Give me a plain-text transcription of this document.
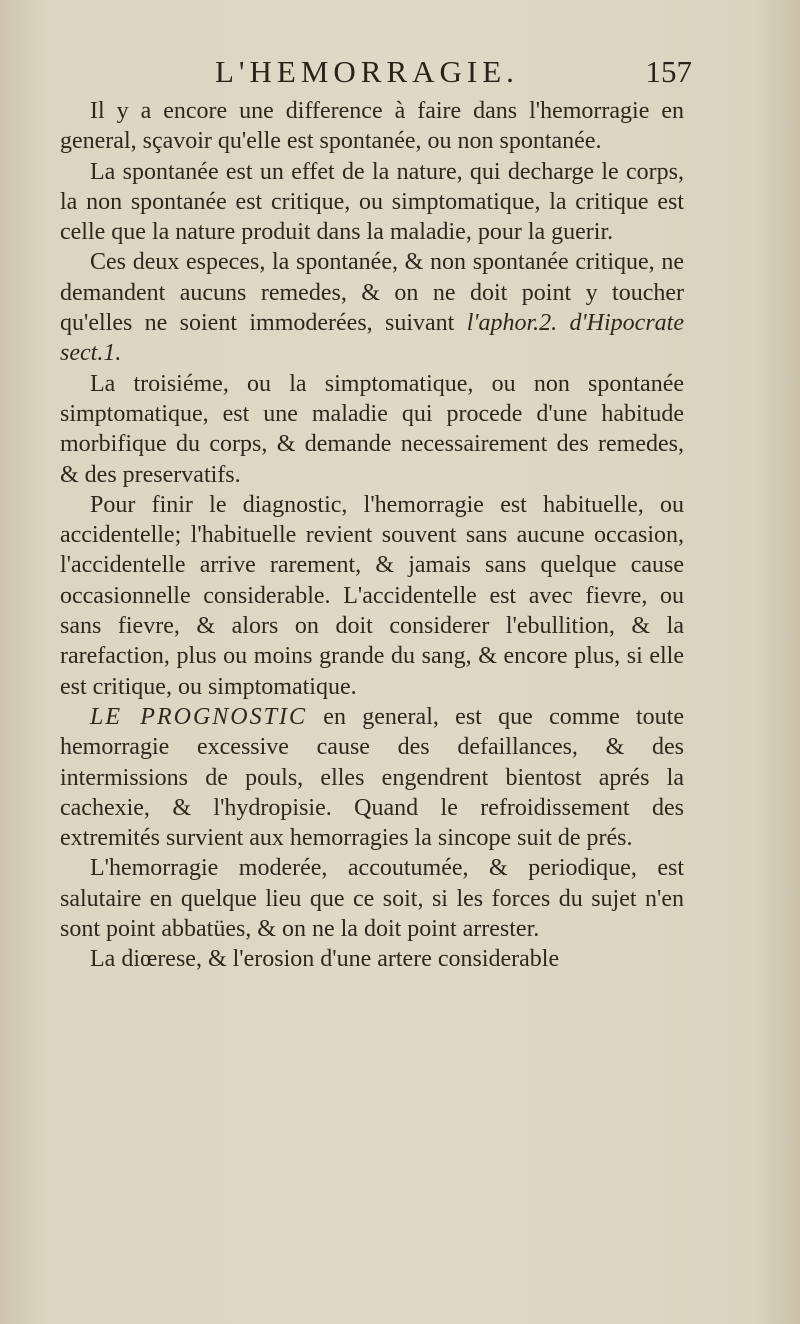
L'HEMORRAGIE.	157

Il y a encore une difference à faire dans l'hemorragie en general, sçavoir qu'elle est spontanée, ou non spontanée.

La spontanée est un effet de la nature, qui decharge le corps, la non spontanée est critique, ou simptomatique, la critique est celle que la nature produit dans la maladie, pour la guerir.

Ces deux especes, la spontanée, & non spontanée critique, ne demandent aucuns remedes, & on ne doit point y toucher qu'elles ne soient immoderées, suivant l'aphor.2. d'Hipocrate sect.1.

La troisiéme, ou la simptomatique, ou non spontanée simptomatique, est une maladie qui procede d'une habitude morbifique du corps, & demande necessairement des remedes, & des preservatifs.

Pour finir le diagnostic, l'hemorragie est habituelle, ou accidentelle; l'habituelle revient souvent sans aucune occasion, l'accidentelle arrive rarement, & jamais sans quelque cause occasionnelle considerable. L'accidentelle est avec fievre, ou sans fievre, & alors on doit considerer l'ebullition, & la rarefaction, plus ou moins grande du sang, & encore plus, si elle est critique, ou simptomatique.

LE PROGNOSTIC en general, est que comme toute hemorragie excessive cause des defaillances, & des intermissions de pouls, elles engendrent bientost aprés la cachexie, & l'hydropisie. Quand le refroidissement des extremités survient aux hemorragies la sincope suit de prés.

L'hemorragie moderée, accoutumée, & periodique, est salutaire en quelque lieu que ce soit, si les forces du sujet n'en sont point abbatües, & on ne la doit point arrester.

La diœrese, & l'erosion d'une artere considerable
